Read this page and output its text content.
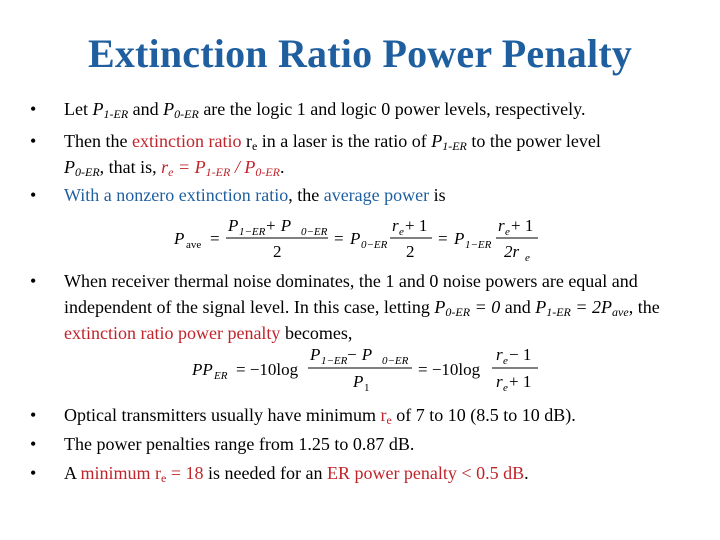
Extinction Ratio Power Penalty
•	Let $P_{1-ER}$ and $P_{0-ER}$ are the logic 1 and logic 0 power levels, respectively.
•	Then the extinction ratio $r_e$ in a laser is the ratio of $P_{1-ER}$ to the power level
$P_{0-ER}$, that is, $r_e = P_{1-ER} / P_{0-ER}$.
•	With a nonzero extinction ratio, the average power is
P ave =
P 1−ER + P 0−ER
2
= P 0−ER
r e + 1
2
= P 1−ER
r e + 1
2r e
•	When receiver thermal noise dominates, the 1 and 0 noise powers are equal and independent of the signal level. In this case, letting $P_{0-ER} = 0$ and $P_{1-ER} = 2P_{ave}$, the extinction ratio power penalty becomes,
PP ER = −10log
P 1−ER
− P 0−ER
P 1
= −10log
r e − 1
r e + 1
•	Optical transmitters usually have minimum $r_e$ of 7 to 10 (8.5 to 10 dB).
•	The power penalties range from 1.25 to 0.87 dB.
•	A minimum $r_e = 18$ is needed for an ER power penalty < 0.5 dB.
